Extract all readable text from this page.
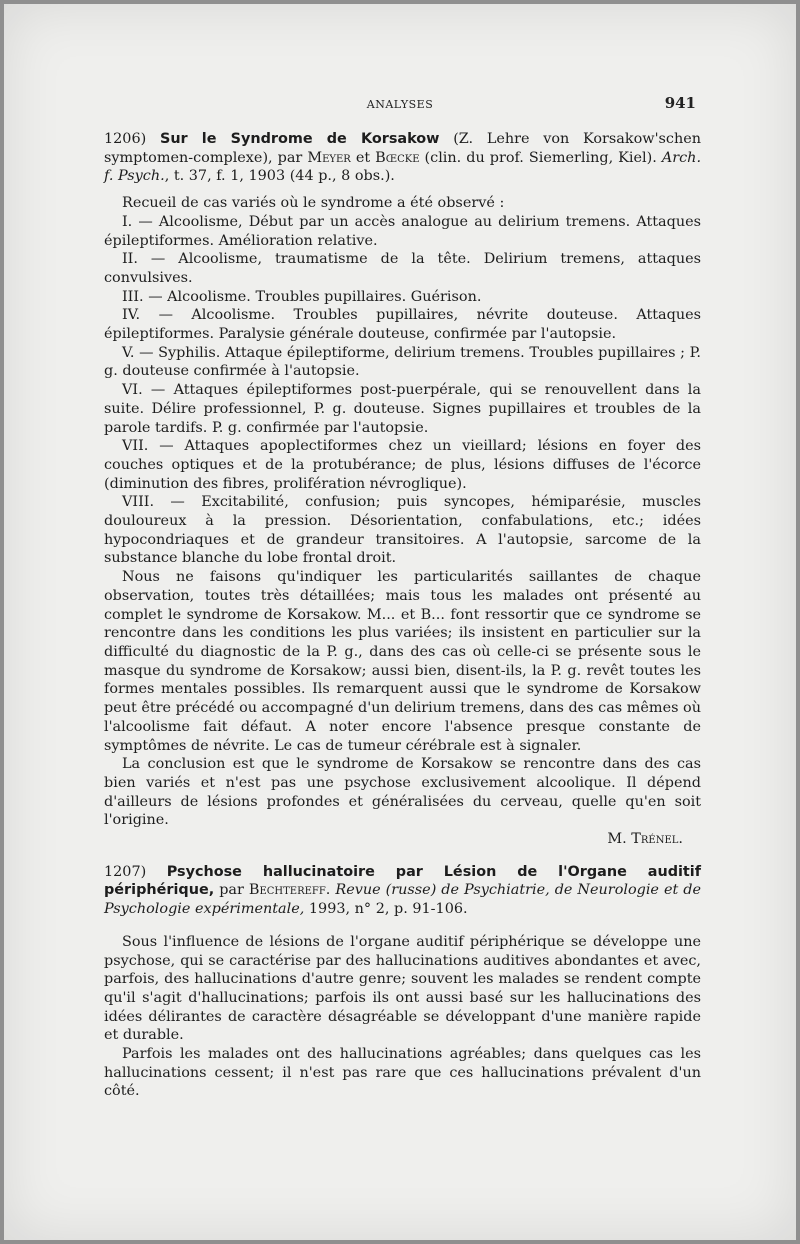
ANALYSES	941

1206) Sur le Syndrome de Korsakow (Z. Lehre von Korsakow'schen symptomen-complexe), par Meyer et Bœcke (clin. du prof. Siemerling, Kiel). Arch. f. Psych., t. 37, f. 1, 1903 (44 p., 8 obs.).

Recueil de cas variés où le syndrome a été observé :

I. — Alcoolisme, Début par un accès analogue au delirium tremens. Attaques épileptiformes. Amélioration relative.

II. — Alcoolisme, traumatisme de la tête. Delirium tremens, attaques convulsives.

III. — Alcoolisme. Troubles pupillaires. Guérison.

IV. — Alcoolisme. Troubles pupillaires, névrite douteuse. Attaques épileptiformes. Paralysie générale douteuse, confirmée par l'autopsie.

V. — Syphilis. Attaque épileptiforme, delirium tremens. Troubles pupillaires ; P. g. douteuse confirmée à l'autopsie.

VI. — Attaques épileptiformes post-puerpérale, qui se renouvellent dans la suite. Délire professionnel, P. g. douteuse. Signes pupillaires et troubles de la parole tardifs. P. g. confirmée par l'autopsie.

VII. — Attaques apoplectiformes chez un vieillard; lésions en foyer des couches optiques et de la protubérance; de plus, lésions diffuses de l'écorce (diminution des fibres, prolifération névroglique).

VIII. — Excitabilité, confusion; puis syncopes, hémiparésie, muscles douloureux à la pression. Désorientation, confabulations, etc.; idées hypocondriaques et de grandeur transitoires. A l'autopsie, sarcome de la substance blanche du lobe frontal droit.

Nous ne faisons qu'indiquer les particularités saillantes de chaque observation, toutes très détaillées; mais tous les malades ont présenté au complet le syndrome de Korsakow. M... et B... font ressortir que ce syndrome se rencontre dans les conditions les plus variées; ils insistent en particulier sur la difficulté du diagnostic de la P. g., dans des cas où celle-ci se présente sous le masque du syndrome de Korsakow; aussi bien, disent-ils, la P. g. revêt toutes les formes mentales possibles. Ils remarquent aussi que le syndrome de Korsakow peut être précédé ou accompagné d'un delirium tremens, dans des cas mêmes où l'alcoolisme fait défaut. A noter encore l'absence presque constante de symptômes de névrite. Le cas de tumeur cérébrale est à signaler.

La conclusion est que le syndrome de Korsakow se rencontre dans des cas bien variés et n'est pas une psychose exclusivement alcoolique. Il dépend d'ailleurs de lésions profondes et généralisées du cerveau, quelle qu'en soit l'origine.

M. Trénel.

1207) Psychose hallucinatoire par Lésion de l'Organe auditif périphérique, par Bechtereff. Revue (russe) de Psychiatrie, de Neurologie et de Psychologie expérimentale, 1993, n° 2, p. 91-106.

Sous l'influence de lésions de l'organe auditif périphérique se développe une psychose, qui se caractérise par des hallucinations auditives abondantes et avec, parfois, des hallucinations d'autre genre; souvent les malades se rendent compte qu'il s'agit d'hallucinations; parfois ils ont aussi basé sur les hallucinations des idées délirantes de caractère désagréable se développant d'une manière rapide et durable.

Parfois les malades ont des hallucinations agréables; dans quelques cas les hallucinations cessent; il n'est pas rare que ces hallucinations prévalent d'un côté.
